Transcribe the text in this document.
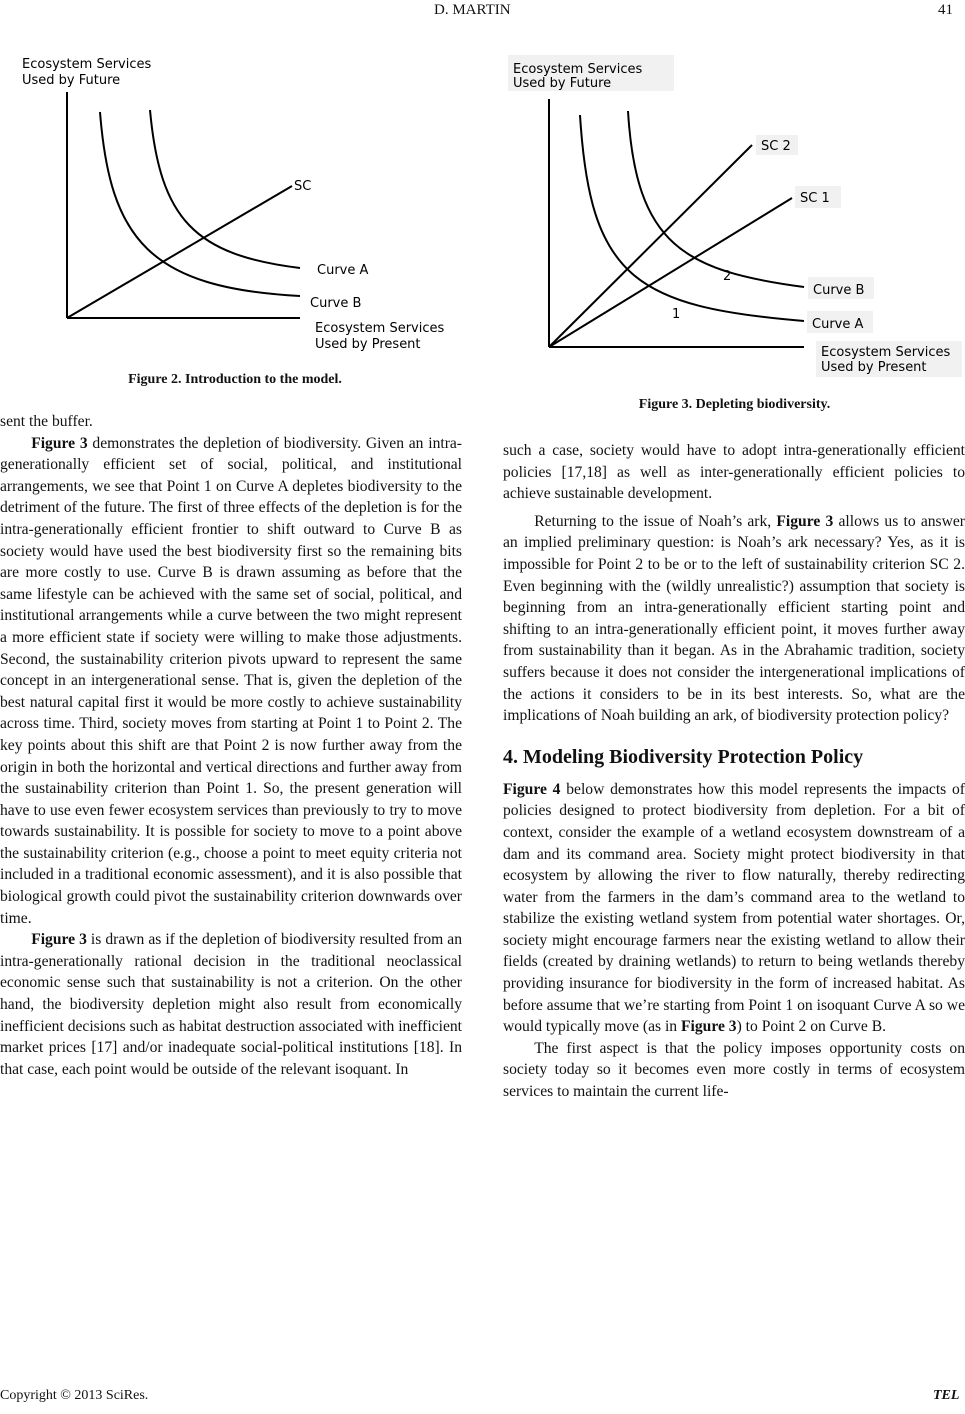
D. MARTIN	41
Ecosystem Services
Used by Future
SC
Curve A
Curve B
Ecosystem Services
Used by Present
Figure 2. Introduction to the model.
Ecosystem Services
Used by Future
SC 2
SC 1
2
1
Curve B
Curve A
Ecosystem Services
Used by Present
Figure 3. Depleting biodiversity.

sent the buffer.

Figure 3 demonstrates the depletion of biodiversity. Given an intra-generationally efficient set of social, political, and institutional arrangements, we see that Point 1 on Curve A depletes biodiversity to the detriment of the future. The first of three effects of the depletion is for the intra-generationally efficient frontier to shift outward to Curve B as society would have used the best biodiversity first so the remaining bits are more costly to use. Curve B is drawn assuming as before that the same lifestyle can be achieved with the same set of social, political, and institutional arrangements while a curve between the two might represent a more efficient state if society were willing to make those adjustments. Second, the sustainability criterion pivots upward to represent the same concept in an intergenerational sense. That is, given the depletion of the best natural capital first it would be more costly to achieve sustainability across time. Third, society moves from starting at Point 1 to Point 2. The key points about this shift are that Point 2 is now further away from the origin in both the horizontal and vertical directions and further away from the sustainability criterion than Point 1. So, the present generation will have to use even fewer ecosystem services than previously to try to move towards sustainability. It is possible for society to move to a point above the sustainability criterion (e.g., choose a point to meet equity criteria not included in a traditional economic assessment), and it is also possible that biological growth could pivot the sustainability criterion downwards over time.

Figure 3 is drawn as if the depletion of biodiversity resulted from an intra-generationally rational decision in the traditional neoclassical economic sense such that sustainability is not a criterion. On the other hand, the biodiversity depletion might also result from economically inefficient decisions such as habitat destruction associated with inefficient market prices [17] and/or inadequate social-political institutions [18]. In that case, each point would be outside of the relevant isoquant. In

such a case, society would have to adopt intra-generationally efficient policies [17,18] as well as inter-generationally efficient policies to achieve sustainable development.

Returning to the issue of Noah’s ark, Figure 3 allows us to answer an implied preliminary question: is Noah’s ark necessary? Yes, as it is impossible for Point 2 to be or to the left of sustainability criterion SC 2. Even beginning with the (wildly unrealistic?) assumption that society is beginning from an intra-generationally efficient starting point and shifting to an intra-generationally efficient point, it moves further away from sustainability than it began. As in the Abrahamic tradition, society suffers because it does not consider the intergenerational implications of the actions it considers to be in its best interests. So, what are the implications of Noah building an ark, of biodiversity protection policy?

4. Modeling Biodiversity Protection Policy

Figure 4 below demonstrates how this model represents the impacts of policies designed to protect biodiversity from depletion. For a bit of context, consider the example of a wetland ecosystem downstream of a dam and its command area. Society might protect biodiversity in that ecosystem by allowing the river to flow naturally, thereby redirecting water from the farmers in the dam’s command area to the wetland to stabilize the existing wetland system from potential water shortages. Or, society might encourage farmers near the existing wetland to allow their fields (created by draining wetlands) to return to being wetlands thereby providing insurance for biodiversity in the form of increased habitat. As before assume that we’re starting from Point 1 on isoquant Curve A so we would typically move (as in Figure 3) to Point 2 on Curve B.

The first aspect is that the policy imposes opportunity costs on society today so it becomes even more costly in terms of ecosystem services to maintain the current life-

Copyright © 2013 SciRes.	TEL
